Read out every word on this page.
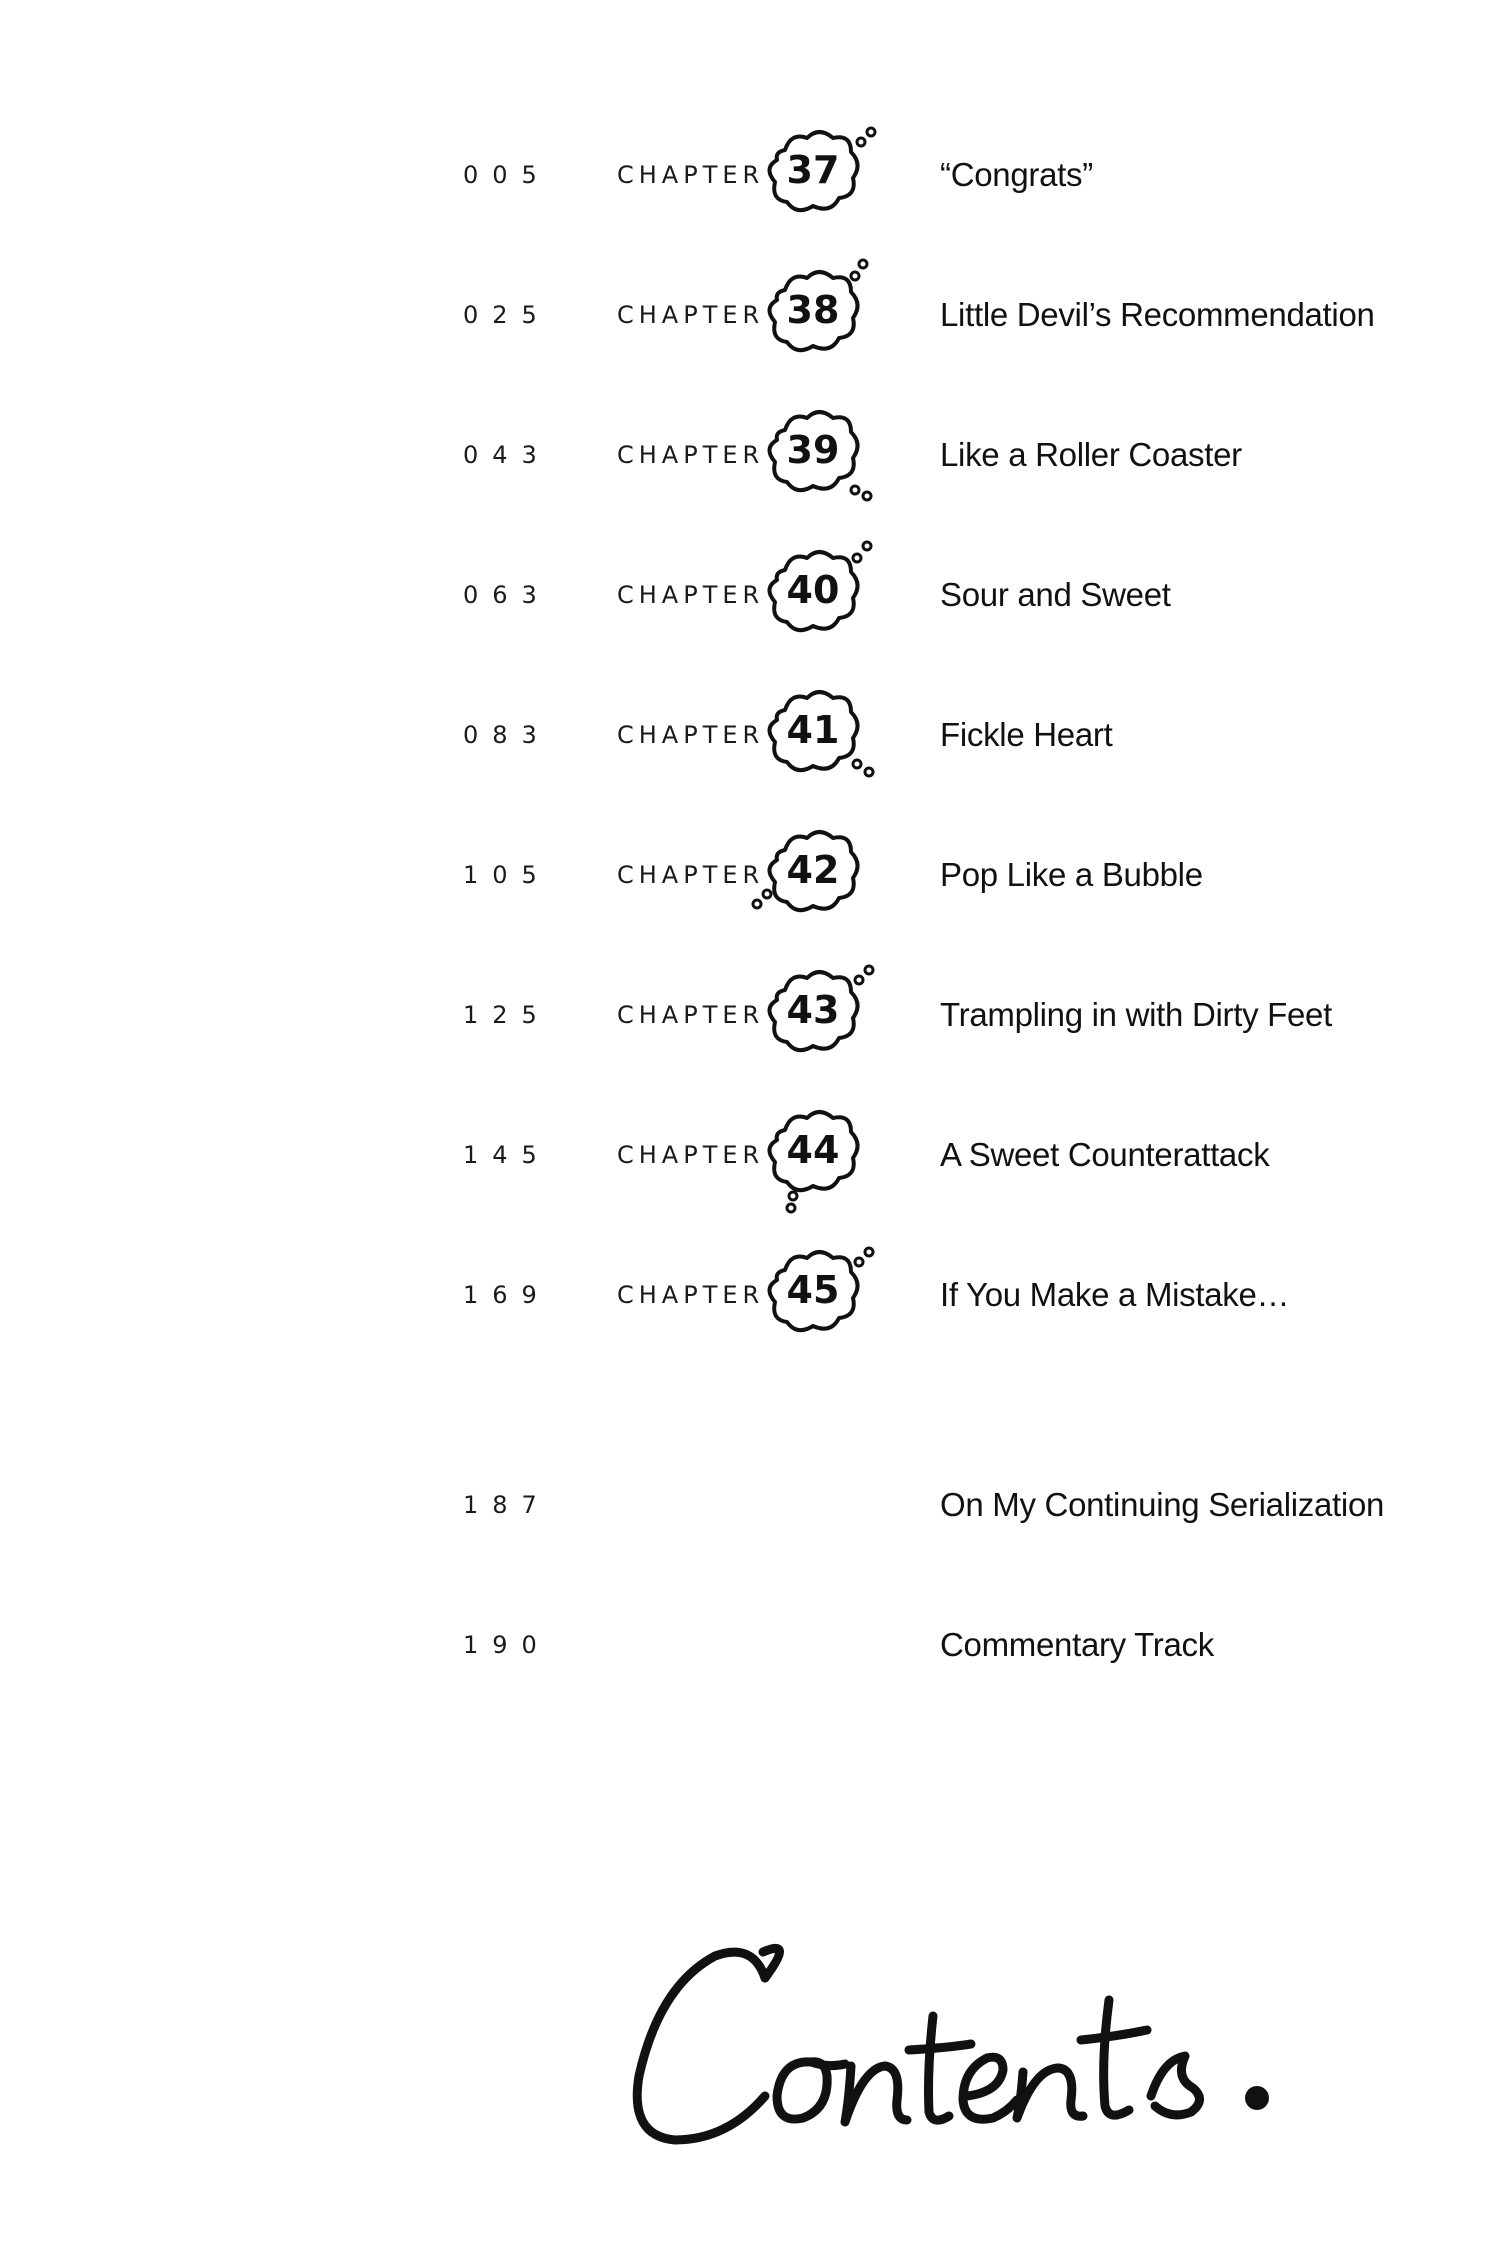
005	CHAPTER 37	“Congrats”
025	CHAPTER 38	Little Devil’s Recommendation
043	CHAPTER 39	Like a Roller Coaster
063	CHAPTER 40	Sour and Sweet
083	CHAPTER 41	Fickle Heart
105	CHAPTER 42	Pop Like a Bubble
125	CHAPTER 43	Trampling in with Dirty Feet
145	CHAPTER 44	A Sweet Counterattack
169	CHAPTER 45	If You Make a Mistake…
187	On My Continuing Serialization
190	Commentary Track
